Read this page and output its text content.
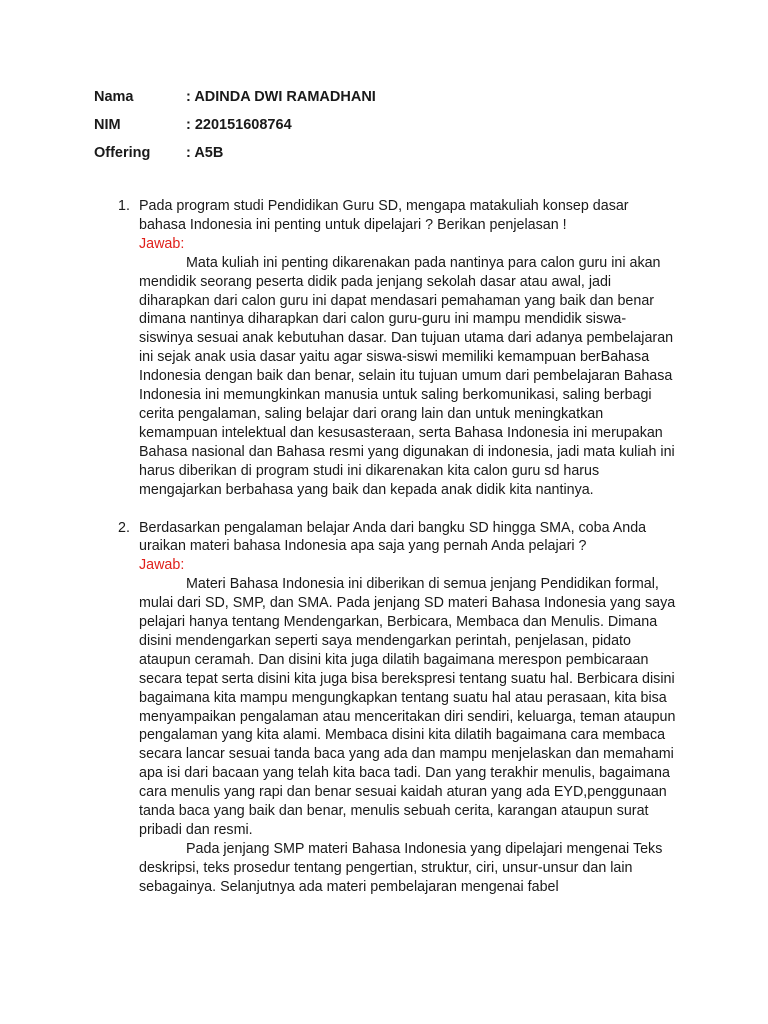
Nama	: ADINDA DWI RAMADHANI
NIM	: 220151608764
Offering	: A5B
1. Pada program studi Pendidikan Guru SD, mengapa matakuliah konsep dasar bahasa Indonesia ini penting untuk dipelajari ? Berikan penjelasan !
Jawab:
Mata kuliah ini penting dikarenakan pada nantinya para calon guru ini akan mendidik seorang peserta didik pada jenjang sekolah dasar atau awal, jadi diharapkan dari calon guru ini dapat mendasari pemahaman yang baik dan benar dimana nantinya diharapkan dari calon guru-guru ini mampu mendidik siswa-siswinya sesuai anak kebutuhan dasar. Dan tujuan utama dari adanya pembelajaran ini sejak anak usia dasar yaitu agar siswa-siswi memiliki kemampuan berBahasa Indonesia dengan baik dan benar, selain itu tujuan umum dari pembelajaran Bahasa Indonesia ini memungkinkan manusia untuk saling berkomunikasi, saling berbagi cerita pengalaman, saling belajar dari orang lain dan untuk meningkatkan kemampuan intelektual dan kesusasteraan, serta Bahasa Indonesia ini merupakan Bahasa nasional dan Bahasa resmi yang digunakan di indonesia, jadi mata kuliah ini harus diberikan di program studi ini dikarenakan kita calon guru sd harus mengajarkan berbahasa yang baik dan kepada anak didik kita nantinya.
2. Berdasarkan pengalaman belajar Anda dari bangku SD hingga SMA, coba Anda uraikan materi bahasa Indonesia apa saja yang pernah Anda pelajari ?
Jawab:
Materi Bahasa Indonesia ini diberikan di semua jenjang Pendidikan formal, mulai dari SD, SMP, dan SMA. Pada jenjang SD materi Bahasa Indonesia yang saya pelajari hanya tentang Mendengarkan, Berbicara, Membaca dan Menulis. Dimana disini mendengarkan seperti saya mendengarkan perintah, penjelasan, pidato ataupun ceramah. Dan disini kita juga dilatih bagaimana merespon pembicaraan secara tepat serta disini kita juga bisa berekspresi tentang suatu hal. Berbicara disini bagaimana kita mampu mengungkapkan tentang suatu hal atau perasaan, kita bisa menyampaikan pengalaman atau menceritakan diri sendiri, keluarga, teman ataupun pengalaman yang kita alami. Membaca disini kita dilatih bagaimana cara membaca secara lancar sesuai tanda baca yang ada dan mampu menjelaskan dan memahami apa isi dari bacaan yang telah kita baca tadi. Dan yang terakhir menulis, bagaimana cara menulis yang rapi dan benar sesuai kaidah aturan yang ada EYD,penggunaan tanda baca yang baik dan benar, menulis sebuah cerita, karangan ataupun surat pribadi dan resmi.
Pada jenjang SMP materi Bahasa Indonesia yang dipelajari mengenai Teks deskripsi, teks prosedur tentang pengertian, struktur, ciri, unsur-unsur dan lain sebagainya. Selanjutnya ada materi pembelajaran mengenai fabel
